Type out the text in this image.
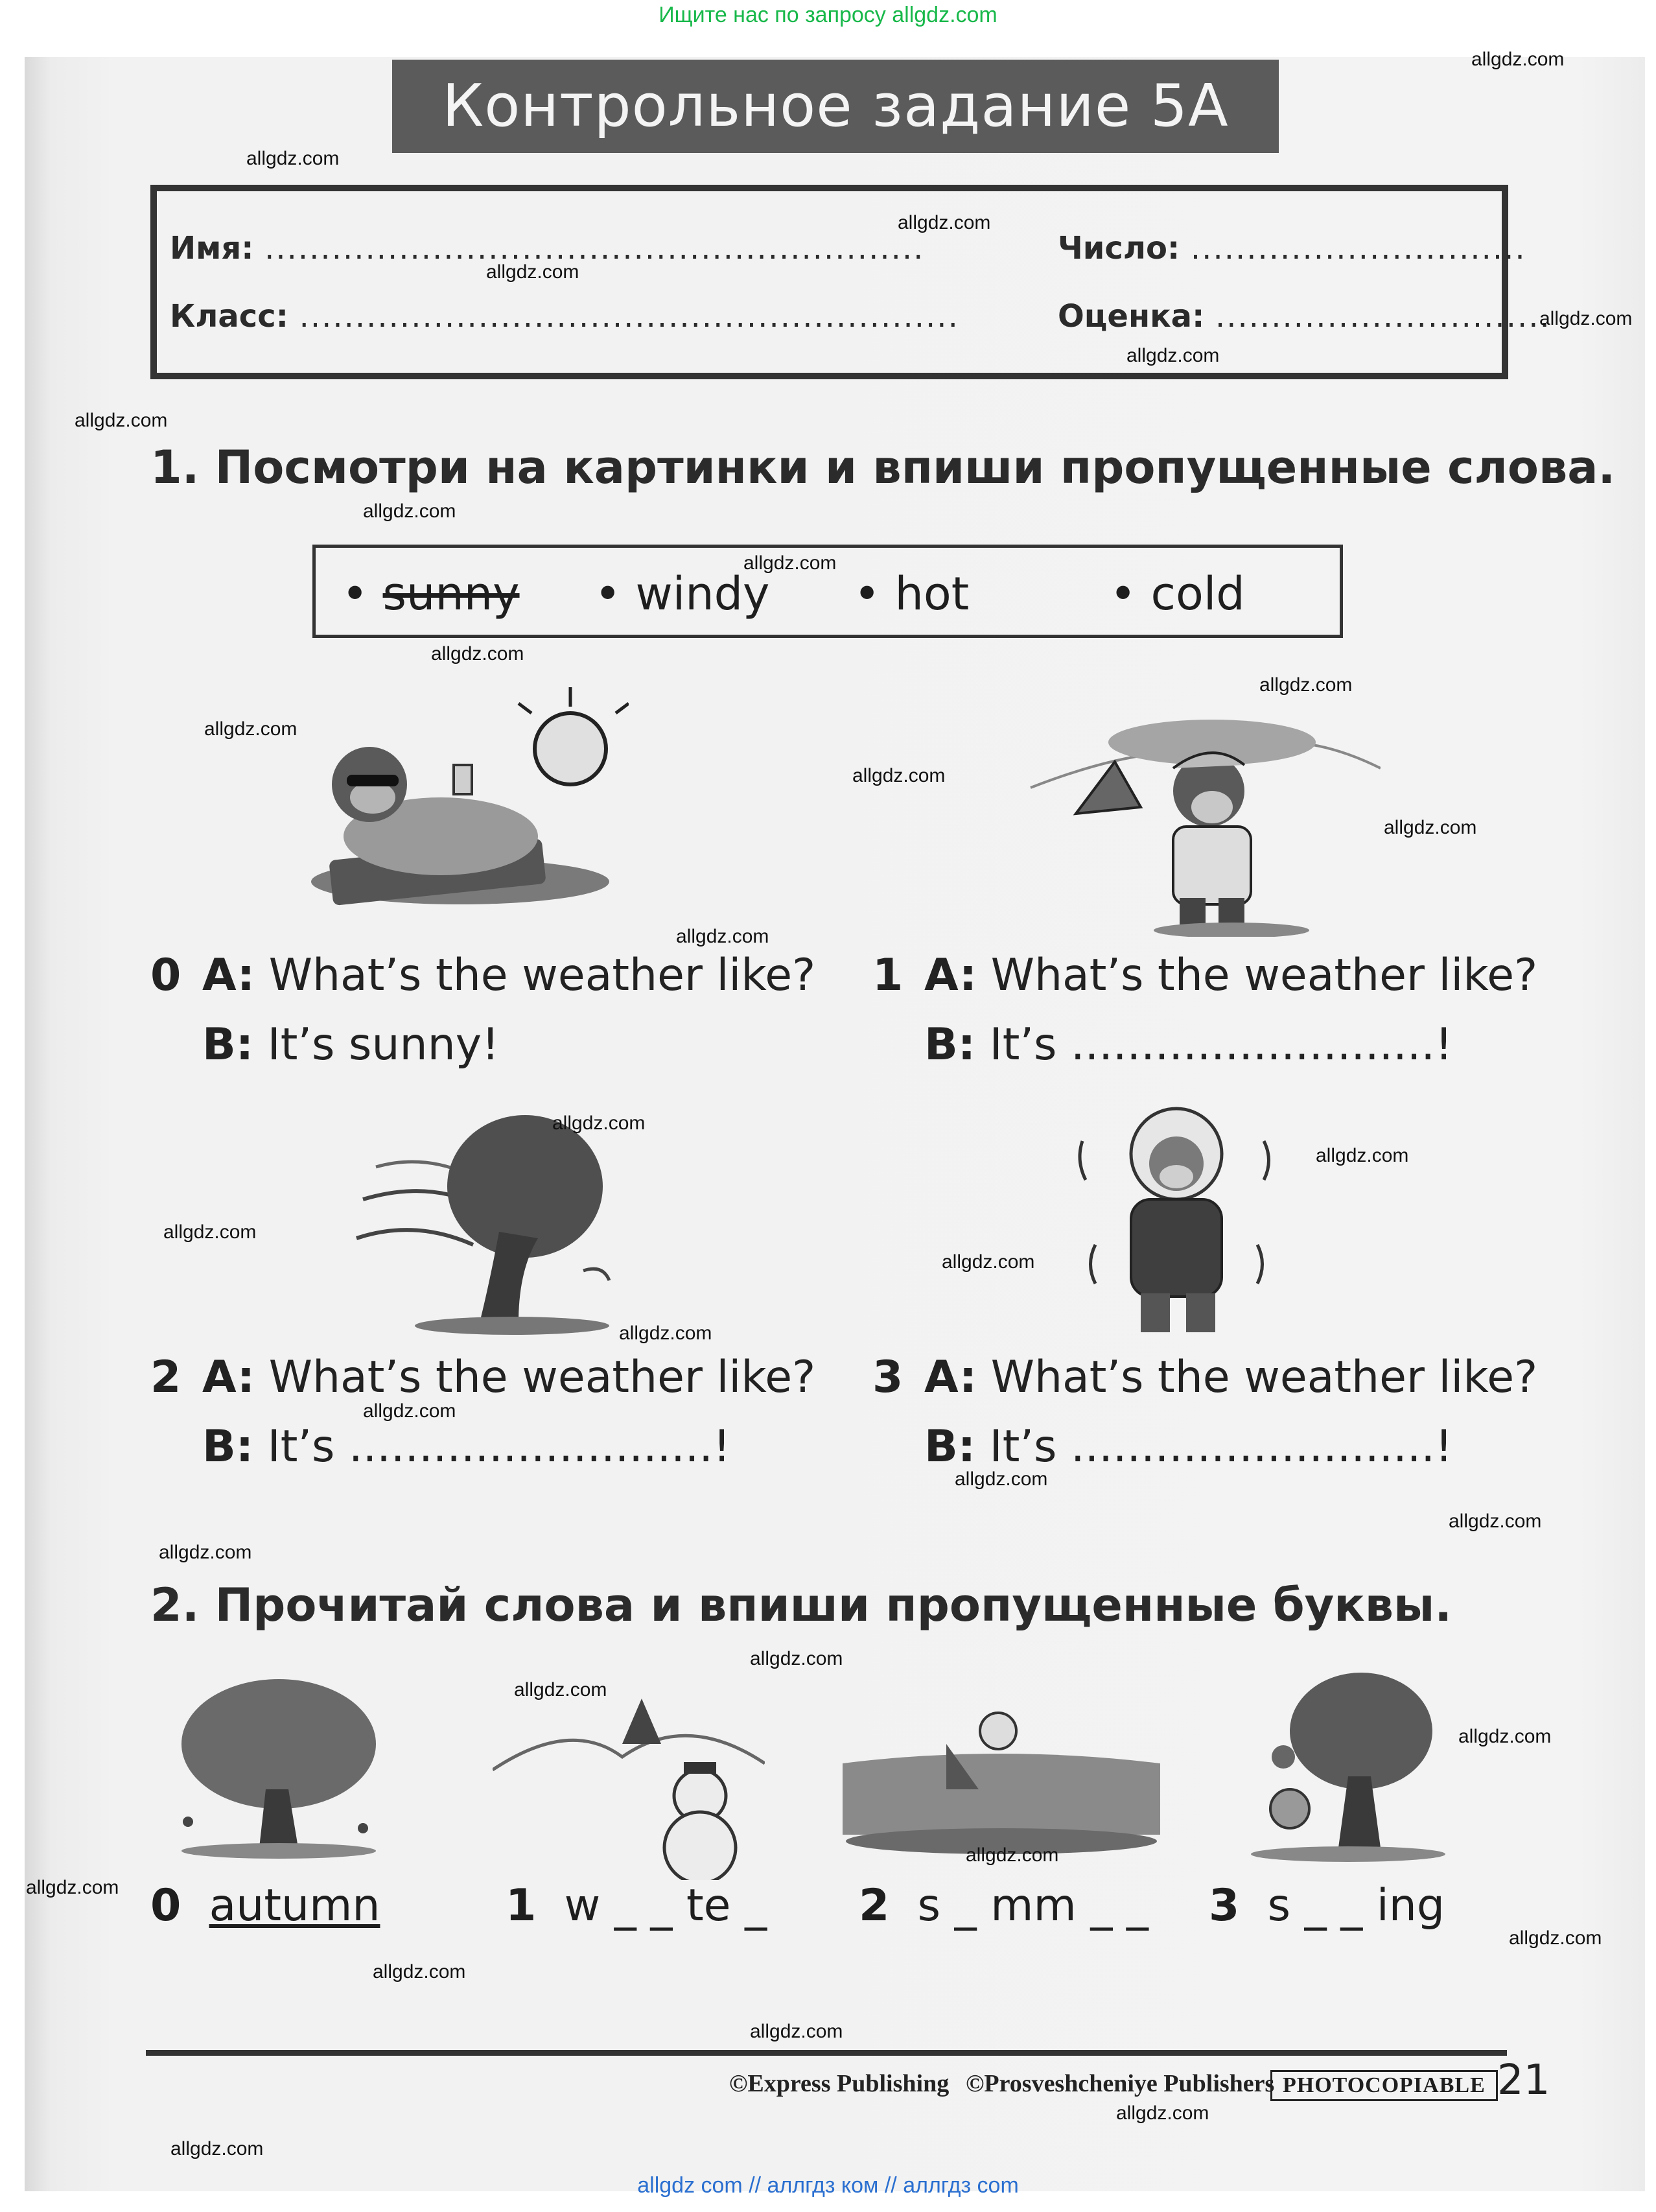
Ищите нас по запросу allgdz.com
Контрольное задание 5A
Имя: ...........................................................	Число: ..............................
Класс: ...........................................................	Оценка: ..............................
1. Посмотри на картинки и впиши пропущенные слова.
• sunny • windy • hot	• cold
0 A: What’s the weather like?
B: It’s sunny!
1 A: What’s the weather like?
B: It’s ..........................!
2 A: What’s the weather like?
B: It’s ..........................!
3 A: What’s the weather like?
B: It’s ..........................!
2. Прочитай слова и впиши пропущенные буквы.
0 autumn	1 w _ _ te _ 2 s _ mm _ _ 3 s _ _ ing
©Express Publishing ©Prosveshcheniye Publishers PHOTOCOPIABLE 21
allgdz.com
allgdz.com
allgdz.com
allgdz.com
allgdz.com
allgdz.com
allgdz.com
allgdz.com
allgdz.com
allgdz.com
allgdz.com
allgdz.com
allgdz.com
allgdz.com
allgdz.com
allgdz.com
allgdz.com
allgdz.com
allgdz.com
allgdz.com
allgdz.com
allgdz.com
allgdz.com
allgdz.com
allgdz.com
allgdz.com
allgdz.com
allgdz.com
allgdz.com
allgdz.com
allgdz.com
allgdz.com
allgdz.com
allgdz.com
allgdz com // аллгдз ком // аллгдз com
